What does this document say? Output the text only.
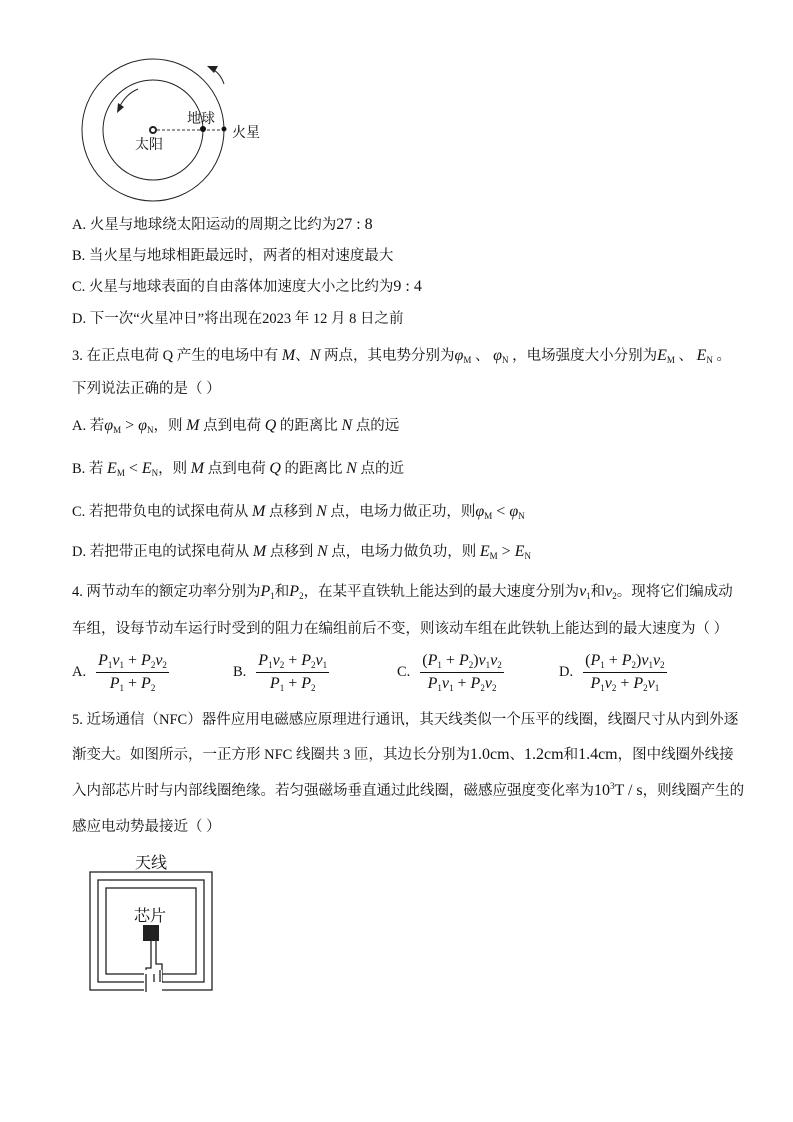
太阳
地球
火星
天线
芯片
A. 火星与地球绕太阳运动的周期之比约为27 : 8
B. 当火星与地球相距最远时，两者的相对速度最大
C. 火星与地球表面的自由落体加速度大小之比约为9 : 4
D. 下一次“火星冲日”将出现在2023 年 12 月 8 日之前
3. 在正点电荷 Q 产生的电场中有 M、N 两点，其电势分别为$\varphi_M$ 、 $\varphi_N$ ，电场强度大小分别为$E_M$ 、 $E_N$ 。
下列说法正确的是（ ）
A. 若$\varphi_M > \varphi_N$，则 M 点到电荷 Q 的距离比 N 点的远
B. 若 $E_M < E_N$，则 M 点到电荷 Q 的距离比 N 点的近
C. 若把带负电的试探电荷从 M 点移到 N 点，电场力做正功，则$\varphi_M < \varphi_N$
D. 若把带正电的试探电荷从 M 点移到 N 点，电场力做负功，则 $E_M > E_N$
4. 两节动车的额定功率分别为$P_1$和$P_2$，在某平直铁轨上能达到的最大速度分别为$v_1$和$v_2$。现将它们编成动
车组，设每节动车运行时受到的阻力在编组前后不变，则该动车组在此铁轨上能达到的最大速度为（ ）
5. 近场通信（NFC）器件应用电磁感应原理进行通讯，其天线类似一个压平的线圈，线圈尺寸从内到外逐
渐变大。如图所示，一正方形 NFC 线圈共 3 匝，其边长分别为1.0cm、1.2cm和1.4cm，图中线圈外线接
入内部芯片时与内部线圈绝缘。若匀强磁场垂直通过此线圈，磁感应强度变化率为$10^3T$ / s，则线圈产生的
感应电动势最接近（ ）
A. $\frac{P_1v_1 + P_2v_2}{P_1 + P_2}$	B. $\frac{P_1v_2 + P_2v_1}{P_1 + P_2}$	C. $\frac{(P_1 + P_2)v_1v_2}{P_1v_1 + P_2v_2}$	D. $\frac{(P_1 + P_2)v_1v_2}{P_1v_2 + P_2v_1}$
